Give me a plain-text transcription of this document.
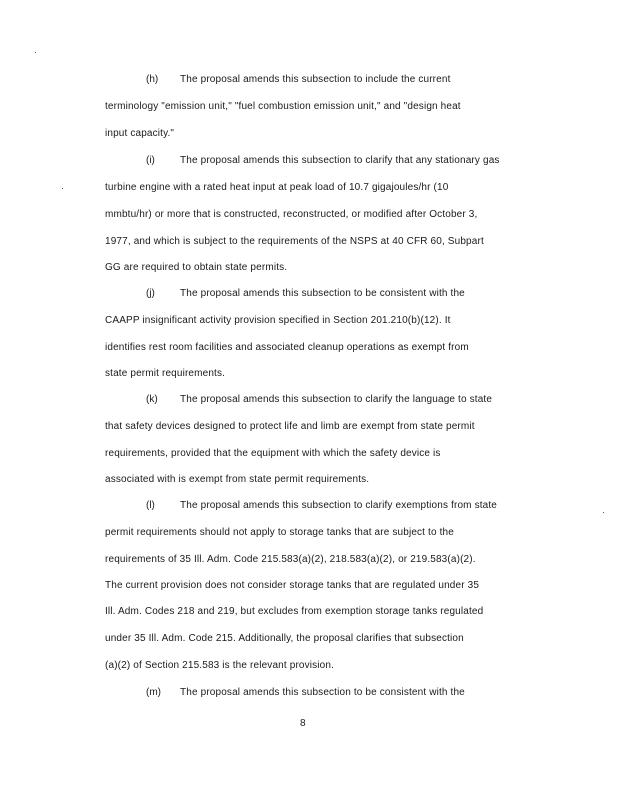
(h) The proposal amends this subsection to include the current
terminology "emission unit," "fuel combustion emission unit," and "design heat
input capacity."
(i)	The proposal amends this subsection to clarify that any stationary gas
turbine engine with a rated heat input at peak load of 10.7 gigajoules/hr (10
mmbtu/hr) or more that is constructed, reconstructed, or modified after October 3,
1977, and which is subject to the requirements of the NSPS at 40 CFR 60, Subpart
GG are required to obtain state permits.
(j)	The proposal amends this subsection to be consistent with the
CAAPP insignificant activity provision specified in Section 201.210(b)(12). It
identifies rest room facilities and associated cleanup operations as exempt from
state permit requirements.
(k) The proposal amends this subsection to clarify the language to state
that safety devices designed to protect life and limb are exempt from state permit
requirements, provided that the equipment with which the safety device is
associated with is exempt from state permit requirements.
(l)	The proposal amends this subsection to clarify exemptions from state
permit requirements should not apply to storage tanks that are subject to the
requirements of 35 Ill. Adm. Code 215.583(a)(2), 218.583(a)(2), or 219.583(a)(2).
The current provision does not consider storage tanks that are regulated under 35
Ill. Adm. Codes 218 and 219, but excludes from exemption storage tanks regulated
under 35 Ill. Adm. Code 215. Additionally, the proposal clarifies that subsection
(a)(2) of Section 215.583 is the relevant provision.
(m) The proposal amends this subsection to be consistent with the
8
